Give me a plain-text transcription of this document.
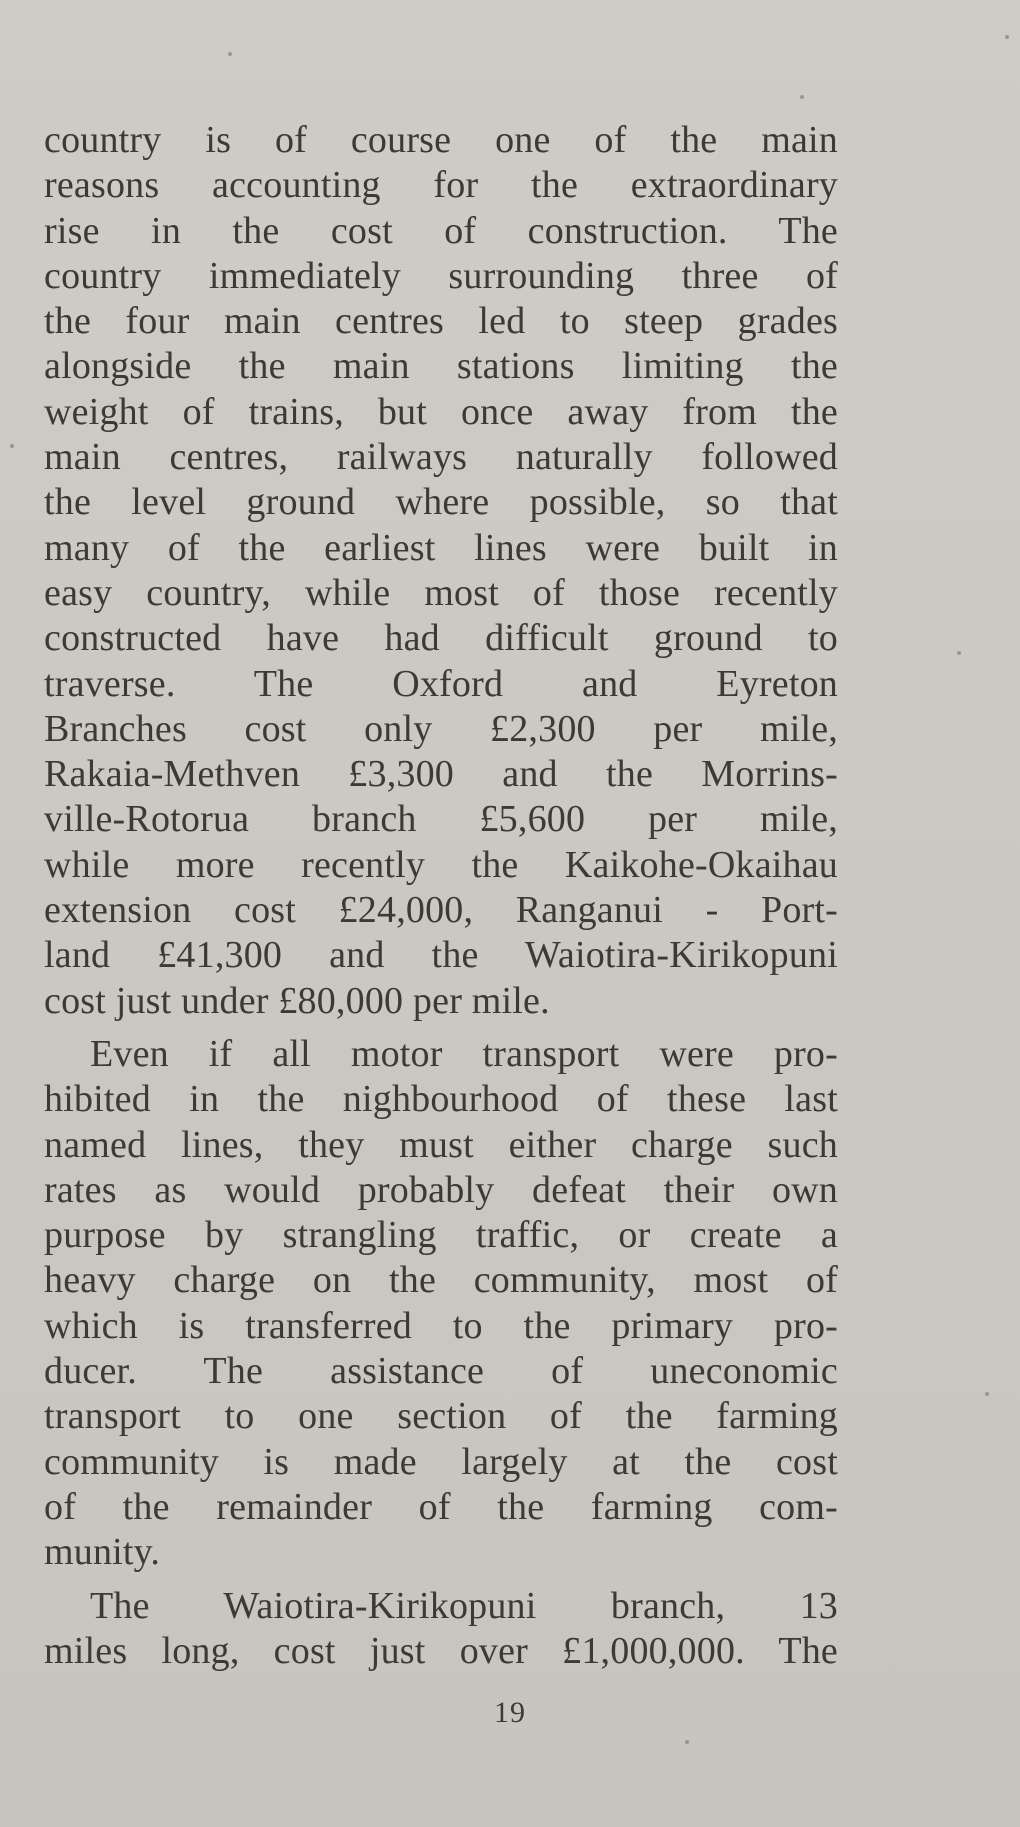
country is of course one of the main
reasons accounting for the extraordinary
rise in the cost of construction. The
country immediately surrounding three of
the four main centres led to steep grades
alongside the main stations limiting the
weight of trains, but once away from the
main centres, railways naturally followed
the level ground where possible, so that
many of the earliest lines were built in
easy country, while most of those recently
constructed have had difficult ground to
traverse. The Oxford and Eyreton
Branches cost only £2,300 per mile,
Rakaia-Methven £3,300 and the Morrins-
ville-Rotorua branch £5,600 per mile,
while more recently the Kaikohe-Okaihau
extension cost £24,000, Ranganui - Port-
land £41,300 and the Waiotira-Kirikopuni
cost just under £80,000 per mile.
Even if all motor transport were pro-
hibited in the nighbourhood of these last
named lines, they must either charge such
rates as would probably defeat their own
purpose by strangling traffic, or create a
heavy charge on the community, most of
which is transferred to the primary pro-
ducer. The assistance of uneconomic
transport to one section of the farming
community is made largely at the cost
of the remainder of the farming com-
munity.
The Waiotira-Kirikopuni branch, 13
miles long, cost just over £1,000,000. The
19
